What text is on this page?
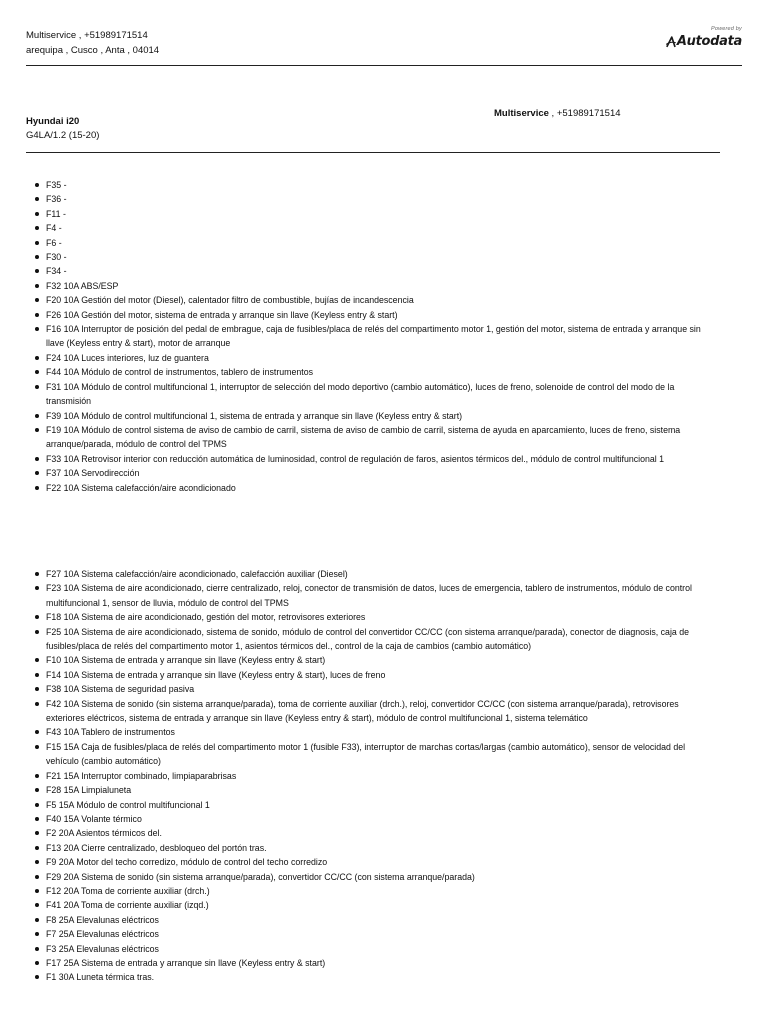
Multiservice , +51989171514
arequipa , Cusco , Anta , 04014
Powered by
Autodata
Hyundai i20
G4LA/1.2 (15-20)
Multiservice , +51989171514
F35 -
F36 -
F11 -
F4 -
F6 -
F30 -
F34 -
F32 10A ABS/ESP
F20 10A Gestión del motor (Diesel), calentador filtro de combustible, bujías de incandescencia
F26 10A Gestión del motor, sistema de entrada y arranque sin llave (Keyless entry & start)
F16 10A Interruptor de posición del pedal de embrague, caja de fusibles/placa de relés del compartimento motor 1, gestión del motor, sistema de entrada y arranque sin llave (Keyless entry & start), motor de arranque
F24 10A Luces interiores, luz de guantera
F44 10A Módulo de control de instrumentos, tablero de instrumentos
F31 10A Módulo de control multifuncional 1, interruptor de selección del modo deportivo (cambio automático), luces de freno, solenoide de control del modo de la transmisión
F39 10A Módulo de control multifuncional 1, sistema de entrada y arranque sin llave (Keyless entry & start)
F19 10A Módulo de control sistema de aviso de cambio de carril, sistema de aviso de cambio de carril, sistema de ayuda en aparcamiento, luces de freno, sistema arranque/parada, módulo de control del TPMS
F33 10A Retrovisor interior con reducción automática de luminosidad, control de regulación de faros, asientos térmicos del., módulo de control multifuncional 1
F37 10A Servodirección
F22 10A Sistema calefacción/aire acondicionado
F27 10A Sistema calefacción/aire acondicionado, calefacción auxiliar (Diesel)
F23 10A Sistema de aire acondicionado, cierre centralizado, reloj, conector de transmisión de datos, luces de emergencia, tablero de instrumentos, módulo de control multifuncional 1, sensor de lluvia, módulo de control del TPMS
F18 10A Sistema de aire acondicionado, gestión del motor, retrovisores exteriores
F25 10A Sistema de aire acondicionado, sistema de sonido, módulo de control del convertidor CC/CC (con sistema arranque/parada), conector de diagnosis, caja de fusibles/placa de relés del compartimento motor 1, asientos térmicos del., control de la caja de cambios (cambio automático)
F10 10A Sistema de entrada y arranque sin llave (Keyless entry & start)
F14 10A Sistema de entrada y arranque sin llave (Keyless entry & start), luces de freno
F38 10A Sistema de seguridad pasiva
F42 10A Sistema de sonido (sin sistema arranque/parada), toma de corriente auxiliar (drch.), reloj, convertidor CC/CC (con sistema arranque/parada), retrovisores exteriores eléctricos, sistema de entrada y arranque sin llave (Keyless entry & start), módulo de control multifuncional 1, sistema telemático
F43 10A Tablero de instrumentos
F15 15A Caja de fusibles/placa de relés del compartimento motor 1 (fusible F33), interruptor de marchas cortas/largas (cambio automático), sensor de velocidad del vehículo (cambio automático)
F21 15A Interruptor combinado, limpiaparabrisas
F28 15A Limpialuneta
F5 15A Módulo de control multifuncional 1
F40 15A Volante térmico
F2 20A Asientos térmicos del.
F13 20A Cierre centralizado, desbloqueo del portón tras.
F9 20A Motor del techo corredizo, módulo de control del techo corredizo
F29 20A Sistema de sonido (sin sistema arranque/parada), convertidor CC/CC (con sistema arranque/parada)
F12 20A Toma de corriente auxiliar (drch.)
F41 20A Toma de corriente auxiliar (izqd.)
F8 25A Elevalunas eléctricos
F7 25A Elevalunas eléctricos
F3 25A Elevalunas eléctricos
F17 25A Sistema de entrada y arranque sin llave (Keyless entry & start)
F1 30A Luneta térmica tras.
